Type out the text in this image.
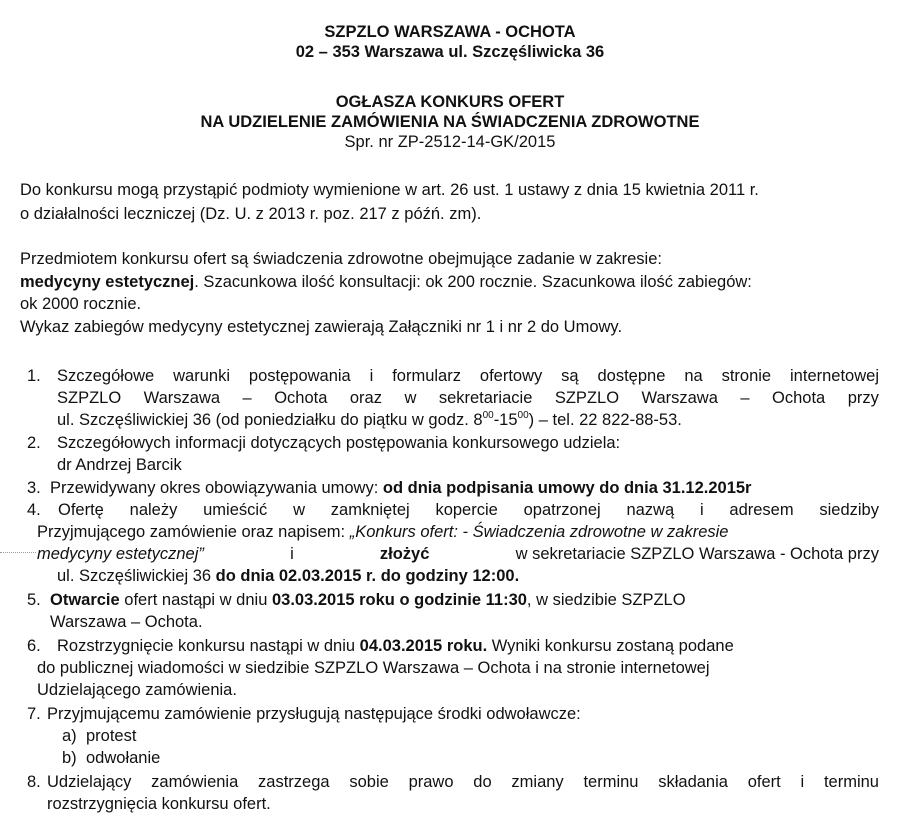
SZPZLO WARSZAWA - OCHOTA
02 – 353 Warszawa ul. Szczęśliwicka 36
OGŁASZA KONKURS OFERT
NA UDZIELENIE ZAMÓWIENIA NA ŚWIADCZENIA ZDROWOTNE
Spr. nr ZP-2512-14-GK/2015
Do konkursu mogą przystąpić podmioty wymienione w art. 26 ust. 1 ustawy z dnia 15 kwietnia 2011 r.
o działalności leczniczej (Dz. U. z 2013 r. poz. 217 z późń. zm).
Przedmiotem konkursu ofert są świadczenia zdrowotne obejmujące zadanie w zakresie:
medycyny estetycznej. Szacunkowa ilość konsultacji: ok 200 rocznie. Szacunkowa ilość zabiegów:
ok 2000 rocznie.
Wykaz zabiegów medycyny estetycznej zawierają Załączniki nr 1 i nr 2 do Umowy.
1. Szczegółowe warunki postępowania i formularz ofertowy są dostępne na stronie internetowej
SZPZLO Warszawa – Ochota oraz w sekretariacie SZPZLO Warszawa – Ochota przy
ul. Szczęśliwickiej 36 (od poniedziałku do piątku w godz. $8^{00}-15^{00}$) – tel. 22 822-88-53.
2. Szczegółowych informacji dotyczących postępowania konkursowego udziela:
dr Andrzej Barcik
3. Przewidywany okres obowiązywania umowy: od dnia podpisania umowy do dnia 31.12.2015r
4. Ofertę należy umieścić w zamkniętej kopercie opatrzonej nazwą i adresem siedziby
Przyjmującego zamówienie oraz napisem: „Konkurs ofert: - Świadczenia zdrowotne w zakresie
medycyny estetycznej”	i	złożyć	w sekretariacie SZPZLO Warszawa - Ochota przy
ul. Szczęśliwickiej 36 do dnia 02.03.2015 r. do godziny 12:00.
5. Otwarcie ofert nastąpi w dniu 03.03.2015 roku o godzinie 11:30, w siedzibie SZPZLO
Warszawa – Ochota.
6. Rozstrzygnięcie konkursu nastąpi w dniu 04.03.2015 roku. Wyniki konkursu zostaną podane
do publicznej wiadomości w siedzibie SZPZLO Warszawa – Ochota i na stronie internetowej
Udzielającego zamówienia.
7. Przyjmującemu zamówienie przysługują następujące środki odwoławcze:
a) protest
b) odwołanie
8. Udzielający zamówienia zastrzega sobie prawo do zmiany terminu składania ofert i terminu
rozstrzygnięcia konkursu ofert.
